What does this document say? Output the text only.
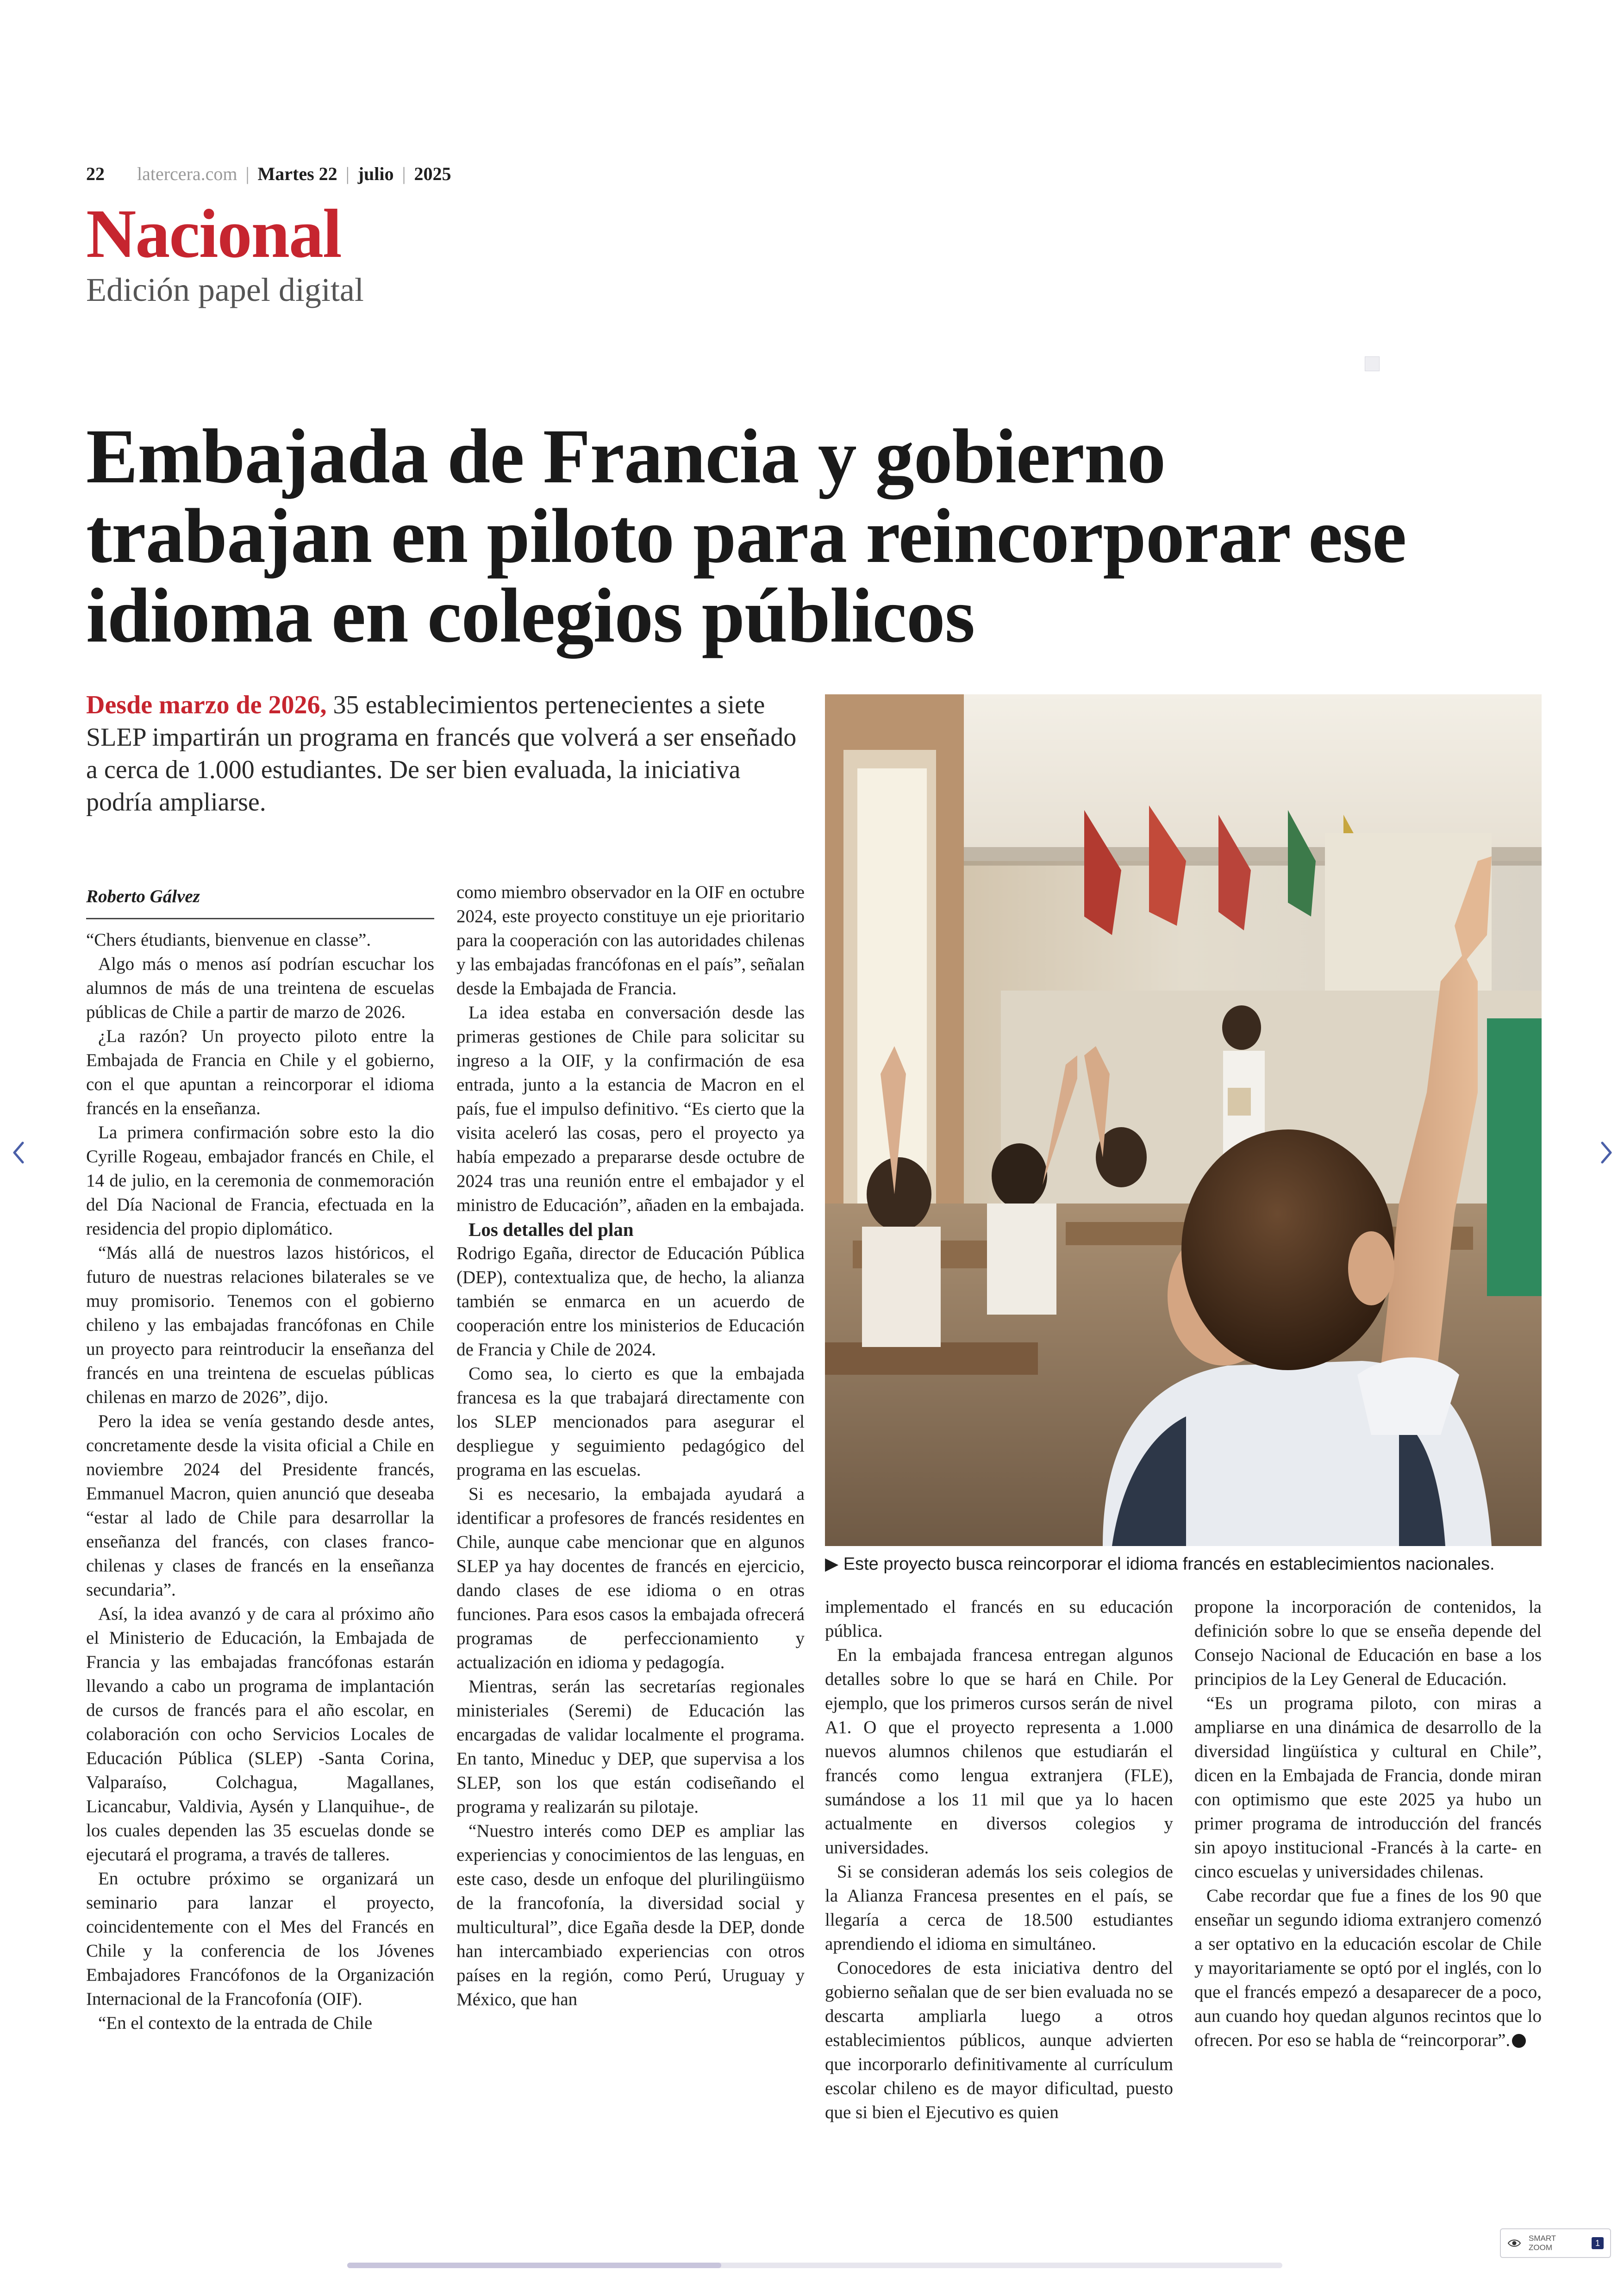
22 latercera.com | Martes 22 | julio | 2025
Nacional
Edición papel digital
Embajada de Francia y gobierno trabajan en piloto para reincorporar ese idioma en colegios públicos

Desde marzo de 2026, 35 establecimientos pertenecientes a siete SLEP impartirán un programa en francés que volverá a ser enseñado a cerca de 1.000 estudiantes. De ser bien evaluada, la iniciativa podría ampliarse.

▶ Este proyecto busca reincorporar el idioma francés en establecimientos nacionales.
Roberto Gálvez

“Chers étudiants, bienvenue en classe”.

Algo más o menos así podrían escuchar los alumnos de más de una treintena de escuelas públicas de Chile a partir de marzo de 2026.

¿La razón? Un proyecto piloto entre la Embajada de Francia en Chile y el gobierno, con el que apuntan a reincorporar el idioma francés en la enseñanza.

La primera confirmación sobre esto la dio Cyrille Rogeau, embajador francés en Chile, el 14 de julio, en la ceremonia de conmemoración del Día Nacional de Francia, efectuada en la residencia del propio diplomático.

“Más allá de nuestros lazos históricos, el futuro de nuestras relaciones bilaterales se ve muy promisorio. Tenemos con el gobierno chileno y las embajadas francófonas en Chile un proyecto para reintroducir la enseñanza del francés en una treintena de escuelas públicas chilenas en marzo de 2026”, dijo.

Pero la idea se venía gestando desde antes, concretamente desde la visita oficial a Chile en noviembre 2024 del Presidente francés, Emmanuel Macron, quien anunció que deseaba “estar al lado de Chile para desarrollar la enseñanza del francés, con clases franco-chilenas y clases de francés en la enseñanza secundaria”.

Así, la idea avanzó y de cara al próximo año el Ministerio de Educación, la Embajada de Francia y las embajadas francófonas estarán llevando a cabo un programa de implantación de cursos de francés para el año escolar, en colaboración con ocho Servicios Locales de Educación Pública (SLEP) -Santa Corina, Valparaíso, Colchagua, Magallanes, Licancabur, Valdivia, Aysén y Llanquihue-, de los cuales dependen las 35 escuelas donde se ejecutará el programa, a través de talleres.

En octubre próximo se organizará un seminario para lanzar el proyecto, coincidentemente con el Mes del Francés en Chile y la conferencia de los Jóvenes Embajadores Francófonos de la Organización Internacional de la Francofonía (OIF).

“En el contexto de la entrada de Chile

como miembro observador en la OIF en octubre 2024, este proyecto constituye un eje prioritario para la cooperación con las autoridades chilenas y las embajadas francófonas en el país”, señalan desde la Embajada de Francia.

La idea estaba en conversación desde las primeras gestiones de Chile para solicitar su ingreso a la OIF, y la confirmación de esa entrada, junto a la estancia de Macron en el país, fue el impulso definitivo. “Es cierto que la visita aceleró las cosas, pero el proyecto ya había empezado a prepararse desde octubre de 2024 tras una reunión entre el embajador y el ministro de Educación”, añaden en la embajada.

Los detalles del plan

Rodrigo Egaña, director de Educación Pública (DEP), contextualiza que, de hecho, la alianza también se enmarca en un acuerdo de cooperación entre los ministerios de Educación de Francia y Chile de 2024.

Como sea, lo cierto es que la embajada francesa es la que trabajará directamente con los SLEP mencionados para asegurar el despliegue y seguimiento pedagógico del programa en las escuelas.

Si es necesario, la embajada ayudará a identificar a profesores de francés residentes en Chile, aunque cabe mencionar que en algunos SLEP ya hay docentes de francés en ejercicio, dando clases de ese idioma o en otras funciones. Para esos casos la embajada ofrecerá programas de perfeccionamiento y actualización en idioma y pedagogía.

Mientras, serán las secretarías regionales ministeriales (Seremi) de Educación las encargadas de validar localmente el programa. En tanto, Mineduc y DEP, que supervisa a los SLEP, son los que están codiseñando el programa y realizarán su pilotaje.

“Nuestro interés como DEP es ampliar las experiencias y conocimientos de las lenguas, en este caso, desde un enfoque del plurilingüismo de la francofonía, la diversidad social y multicultural”, dice Egaña desde la DEP, donde han intercambiado experiencias con otros países en la región, como Perú, Uruguay y México, que han

implementado el francés en su educación pública.

En la embajada francesa entregan algunos detalles sobre lo que se hará en Chile. Por ejemplo, que los primeros cursos serán de nivel A1. O que el proyecto representa a 1.000 nuevos alumnos chilenos que estudiarán el francés como lengua extranjera (FLE), sumándose a los 11 mil que ya lo hacen actualmente en diversos colegios y universidades.

Si se consideran además los seis colegios de la Alianza Francesa presentes en el país, se llegaría a cerca de 18.500 estudiantes aprendiendo el idioma en simultáneo.

Conocedores de esta iniciativa dentro del gobierno señalan que de ser bien evaluada no se descarta ampliarla luego a otros establecimientos públicos, aunque advierten que incorporarlo definitivamente al currículum escolar chileno es de mayor dificultad, puesto que si bien el Ejecutivo es quien

propone la incorporación de contenidos, la definición sobre lo que se enseña depende del Consejo Nacional de Educación en base a los principios de la Ley General de Educación.

“Es un programa piloto, con miras a ampliarse en una dinámica de desarrollo de la diversidad lingüística y cultural en Chile”, dicen en la Embajada de Francia, donde miran con optimismo que este 2025 ya hubo un primer programa de introducción del francés sin apoyo institucional -Francés à la carte- en cinco escuelas y universidades chilenas.

Cabe recordar que fue a fines de los 90 que enseñar un segundo idioma extranjero comenzó a ser optativo en la educación escolar de Chile y mayoritariamente se optó por el inglés, con lo que el francés empezó a desaparecer de a poco, aun cuando hoy quedan algunos recintos que lo ofrecen. Por eso se habla de “reincorporar”.

SMART ZOOM	1
